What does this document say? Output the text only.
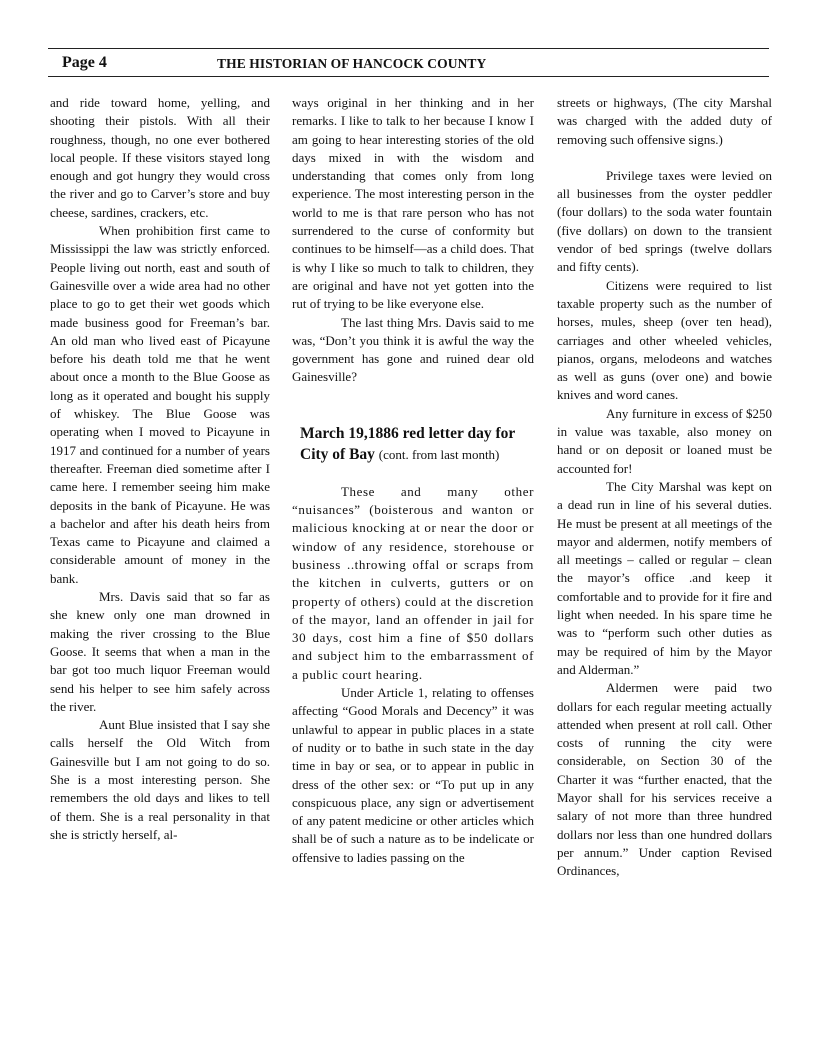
Page 4	THE HISTORIAN OF HANCOCK COUNTY

and ride toward home, yelling, and shooting their pistols. With all their roughness, though, no one ever bothered local people. If these visitors stayed long enough and got hungry they would cross the river and go to Carver’s store and buy cheese, sardines, crackers, etc.

When prohibition first came to Mississippi the law was strictly enforced. People living out north, east and south of Gainesville over a wide area had no other place to go to get their wet goods which made business good for Freeman’s bar. An old man who lived east of Picayune before his death told me that he went about once a month to the Blue Goose as long as it operated and bought his supply of whiskey. The Blue Goose was operating when I moved to Picayune in 1917 and continued for a number of years thereafter. Freeman died sometime after I came here. I remember seeing him make deposits in the bank of Picayune. He was a bachelor and after his death heirs from Texas came to Picayune and claimed a considerable amount of money in the bank.

Mrs. Davis said that so far as she knew only one man drowned in making the river crossing to the Blue Goose. It seems that when a man in the bar got too much liquor Freeman would send his helper to see him safely across the river.

Aunt Blue insisted that I say she calls herself the Old Witch from Gainesville but I am not going to do so. She is a most interesting person. She remembers the old days and likes to tell of them. She is a real personality in that she is strictly herself, al-

ways original in her thinking and in her remarks. I like to talk to her because I know I am going to hear interesting stories of the old days mixed in with the wisdom and understanding that comes only from long experience. The most interesting person in the world to me is that rare person who has not surrendered to the curse of conformity but continues to be himself—as a child does. That is why I like so much to talk to children, they are original and have not yet gotten into the rut of trying to be like everyone else.

The last thing Mrs. Davis said to me was, “Don’t you think it is awful the way the government has gone and ruined dear old Gainesville?

March 19,1886 red letter day for City of Bay (cont. from last month)

These and many other “nuisances” (boisterous and wanton or malicious knocking at or near the door or window of any residence, storehouse or business ..throwing offal or scraps from the kitchen in culverts, gutters or on property of others) could at the discretion of the mayor, land an offender in jail for 30 days, cost him a fine of $50 dollars and subject him to the embarrassment of a public court hearing.

Under Article 1, relating to offenses affecting “Good Morals and Decency” it was unlawful to appear in public places in a state of nudity or to bathe in such state in the day time in bay or sea, or to appear in public in dress of the other sex: or “To put up in any conspicuous place, any sign or advertisement of any patent medicine or other articles which shall be of such a nature as to be indelicate or offensive to ladies passing on the

streets or highways, (The city Marshal was charged with the added duty of removing such offensive signs.)

Privilege taxes were levied on all businesses from the oyster peddler (four dollars) to the soda water fountain (five dollars) on down to the transient vendor of bed springs (twelve dollars and fifty cents).

Citizens were required to list taxable property such as the number of horses, mules, sheep (over ten head), carriages and other wheeled vehicles, pianos, organs, melodeons and watches as well as guns (over one) and bowie knives and word canes.

Any furniture in excess of $250 in value was taxable, also money on hand or on deposit or loaned must be accounted for!

The City Marshal was kept on a dead run in line of his several duties. He must be present at all meetings of the mayor and aldermen, notify members of all meetings – called or regular – clean the mayor’s office .and keep it comfortable and to provide for it fire and light when needed. In his spare time he was to “perform such other duties as may be required of him by the Mayor and Alderman.”

Aldermen were paid two dollars for each regular meeting actually attended when present at roll call. Other costs of running the city were considerable, on Section 30 of the Charter it was “further enacted, that the Mayor shall for his services receive a salary of not more than three hundred dollars nor less than one hundred dollars per annum.” Under caption Revised Ordinances,
